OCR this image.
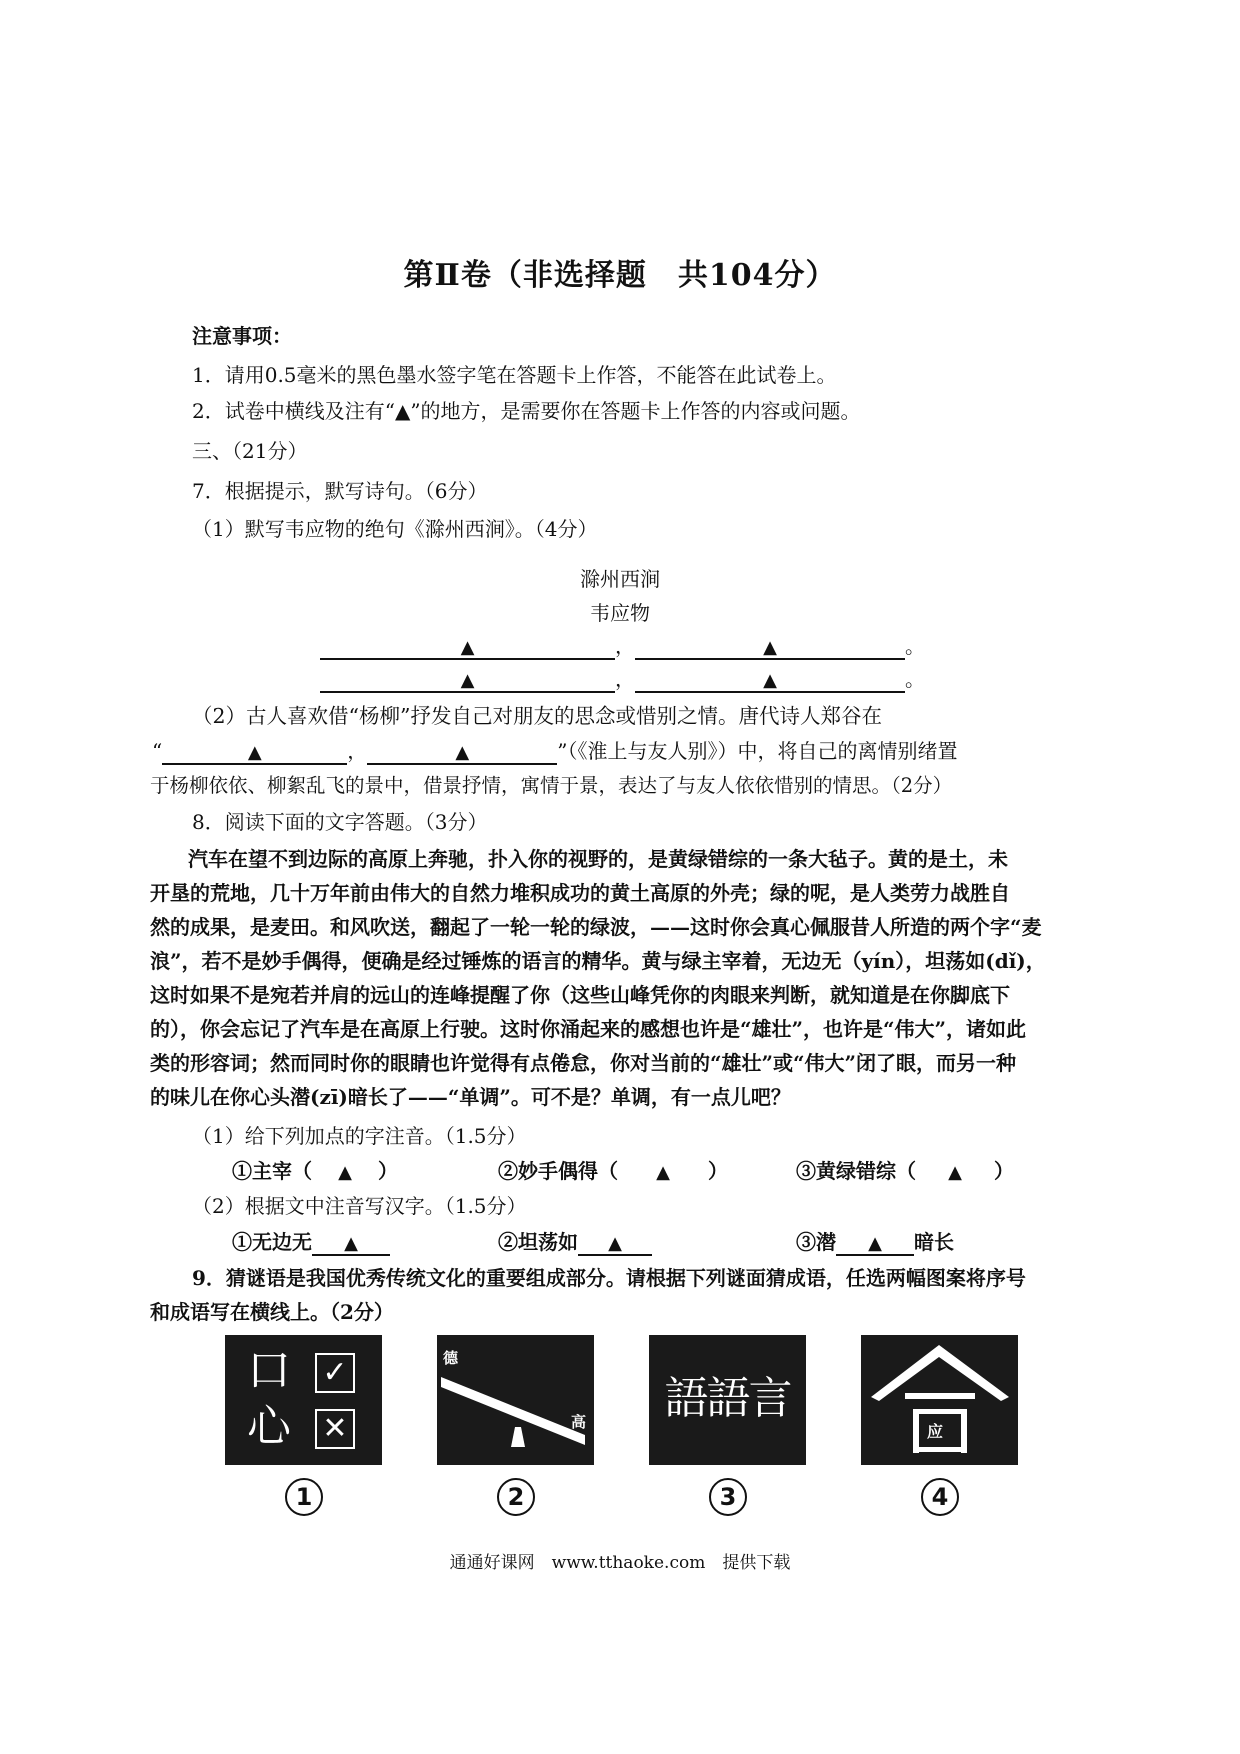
第Ⅱ卷（非选择题　共104分）
注意事项：
1．请用0.5毫米的黑色墨水签字笔在答题卡上作答，不能答在此试卷上。
2．试卷中横线及注有“▲”的地方，是需要你在答题卡上作答的内容或问题。
三、（21分）
7．根据提示，默写诗句。（6分）
（1）默写韦应物的绝句《滁州西涧》。（4分）
滁州西涧
韦应物
▲	，	▲	。
▲	，	▲	。
（2）古人喜欢借“杨柳”抒发自己对朋友的思念或惜别之情。唐代诗人郑谷在
“	▲	，	▲	”（《淮上与友人别》）中，将自己的离情别绪置
于杨柳依依、柳絮乱飞的景中，借景抒情，寓情于景，表达了与友人依依惜别的情思。（2分）
8．阅读下面的文字答题。（3分）
汽车在望不到边际的高原上奔驰，扑入你的视野的，是黄绿错综的一条大毡子。黄的是土，未
开垦的荒地，几十万年前由伟大的自然力堆积成功的黄土高原的外壳；绿的呢，是人类劳力战胜自
然的成果，是麦田。和风吹送，翻起了一轮一轮的绿波，——这时你会真心佩服昔人所造的两个字“麦
浪”，若不是妙手偶得，便确是经过锤炼的语言的精华。黄与绿主宰着，无边无（yín），坦荡如(dǐ)，
这时如果不是宛若并肩的远山的连峰提醒了你（这些山峰凭你的肉眼来判断，就知道是在你脚底下
的），你会忘记了汽车是在高原上行驶。这时你涌起来的感想也许是“雄壮”，也许是“伟大”，诸如此
类的形容词；然而同时你的眼睛也许觉得有点倦怠，你对当前的“雄壮”或“伟大”闭了眼，而另一种
的味儿在你心头潜(zī)暗长了——“单调”。可不是？单调，有一点儿吧？
（1）给下列加点的字注音。（1.5分）
①主宰（ ▲ ）	②妙手偶得（ ▲ ）	③黄绿错综（ ▲ ）
（2）根据文中注音写汉字。（1.5分）
①无边无 ▲	②坦荡如 ▲	③潜 ▲ 暗长
9．猜谜语是我国优秀传统文化的重要组成部分。请根据下列谜面猜成语，任选两幅图案将序号
和成语写在横线上。（2分）
口
心
✓
✕
德
高	語語言
应
1	2	3	4
通通好课网　www.tthaoke.com　提供下载
